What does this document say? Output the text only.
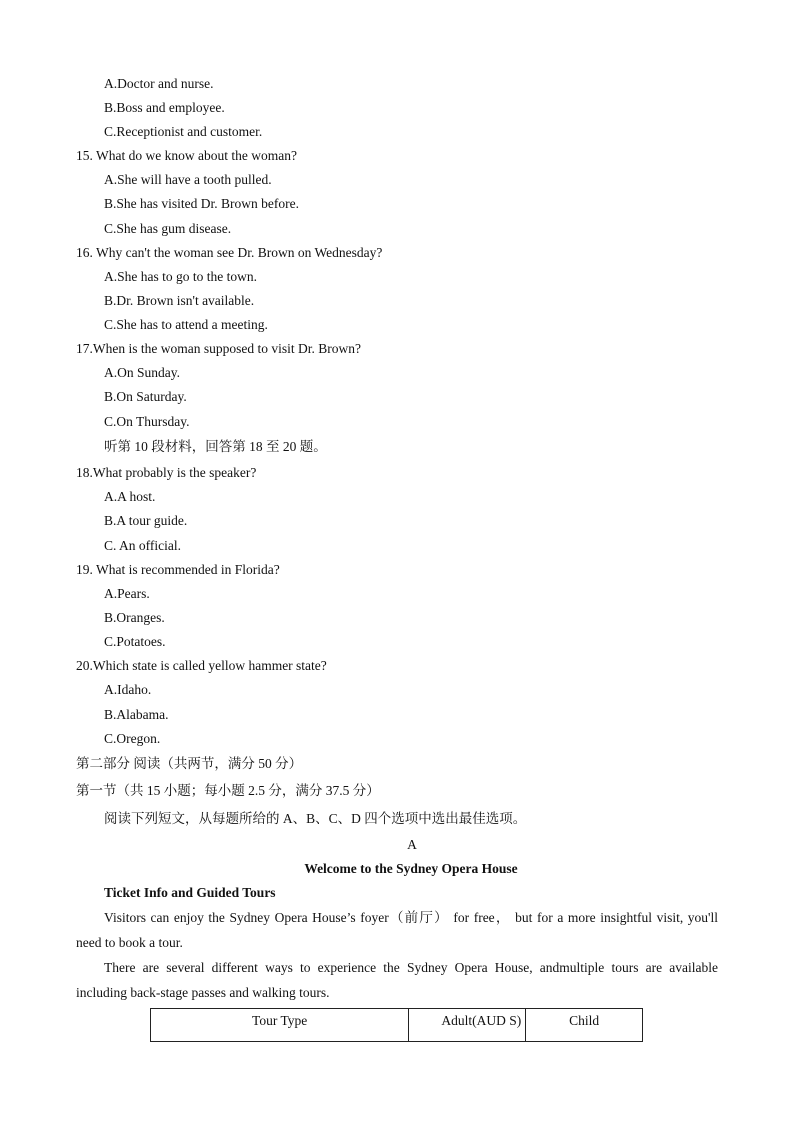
A.Doctor and nurse.
B.Boss and employee.
C.Receptionist and customer.
15. What do we know about the woman?
A.She will have a tooth pulled.
B.She has visited Dr. Brown before.
C.She has gum disease.
16. Why can't the woman see Dr. Brown on Wednesday?
A.She has to go to the town.
B.Dr. Brown isn't available.
C.She has to attend a meeting.
17.When is the woman supposed to visit Dr. Brown?
A.On Sunday.
B.On Saturday.
C.On Thursday.
听第 10 段材料，回答第 18 至 20 题。
18.What probably is the speaker?
A.A host.
B.A tour guide.
C. An official.
19. What is recommended in Florida?
A.Pears.
B.Oranges.
C.Potatoes.
20.Which state is called yellow hammer state?
A.Idaho.
B.Alabama.
C.Oregon.
第二部分 阅读（共两节，满分 50 分）
第一节（共 15 小题；每小题 2.5 分，满分 37.5 分）
阅读下列短文，从每题所给的 A、B、C、D 四个选项中选出最佳选项。
A
Welcome to the Sydney Opera House
Ticket Info and Guided Tours
Visitors can enjoy the Sydney Opera House’s foyer（前厅） for free， but for a more insightful visit, you'll need to book a tour.
There are several different ways to experience the Sydney Opera House, andmultiple tours are available including back-stage passes and walking tours.
Tour Type	Adult(AUD S)	Child
